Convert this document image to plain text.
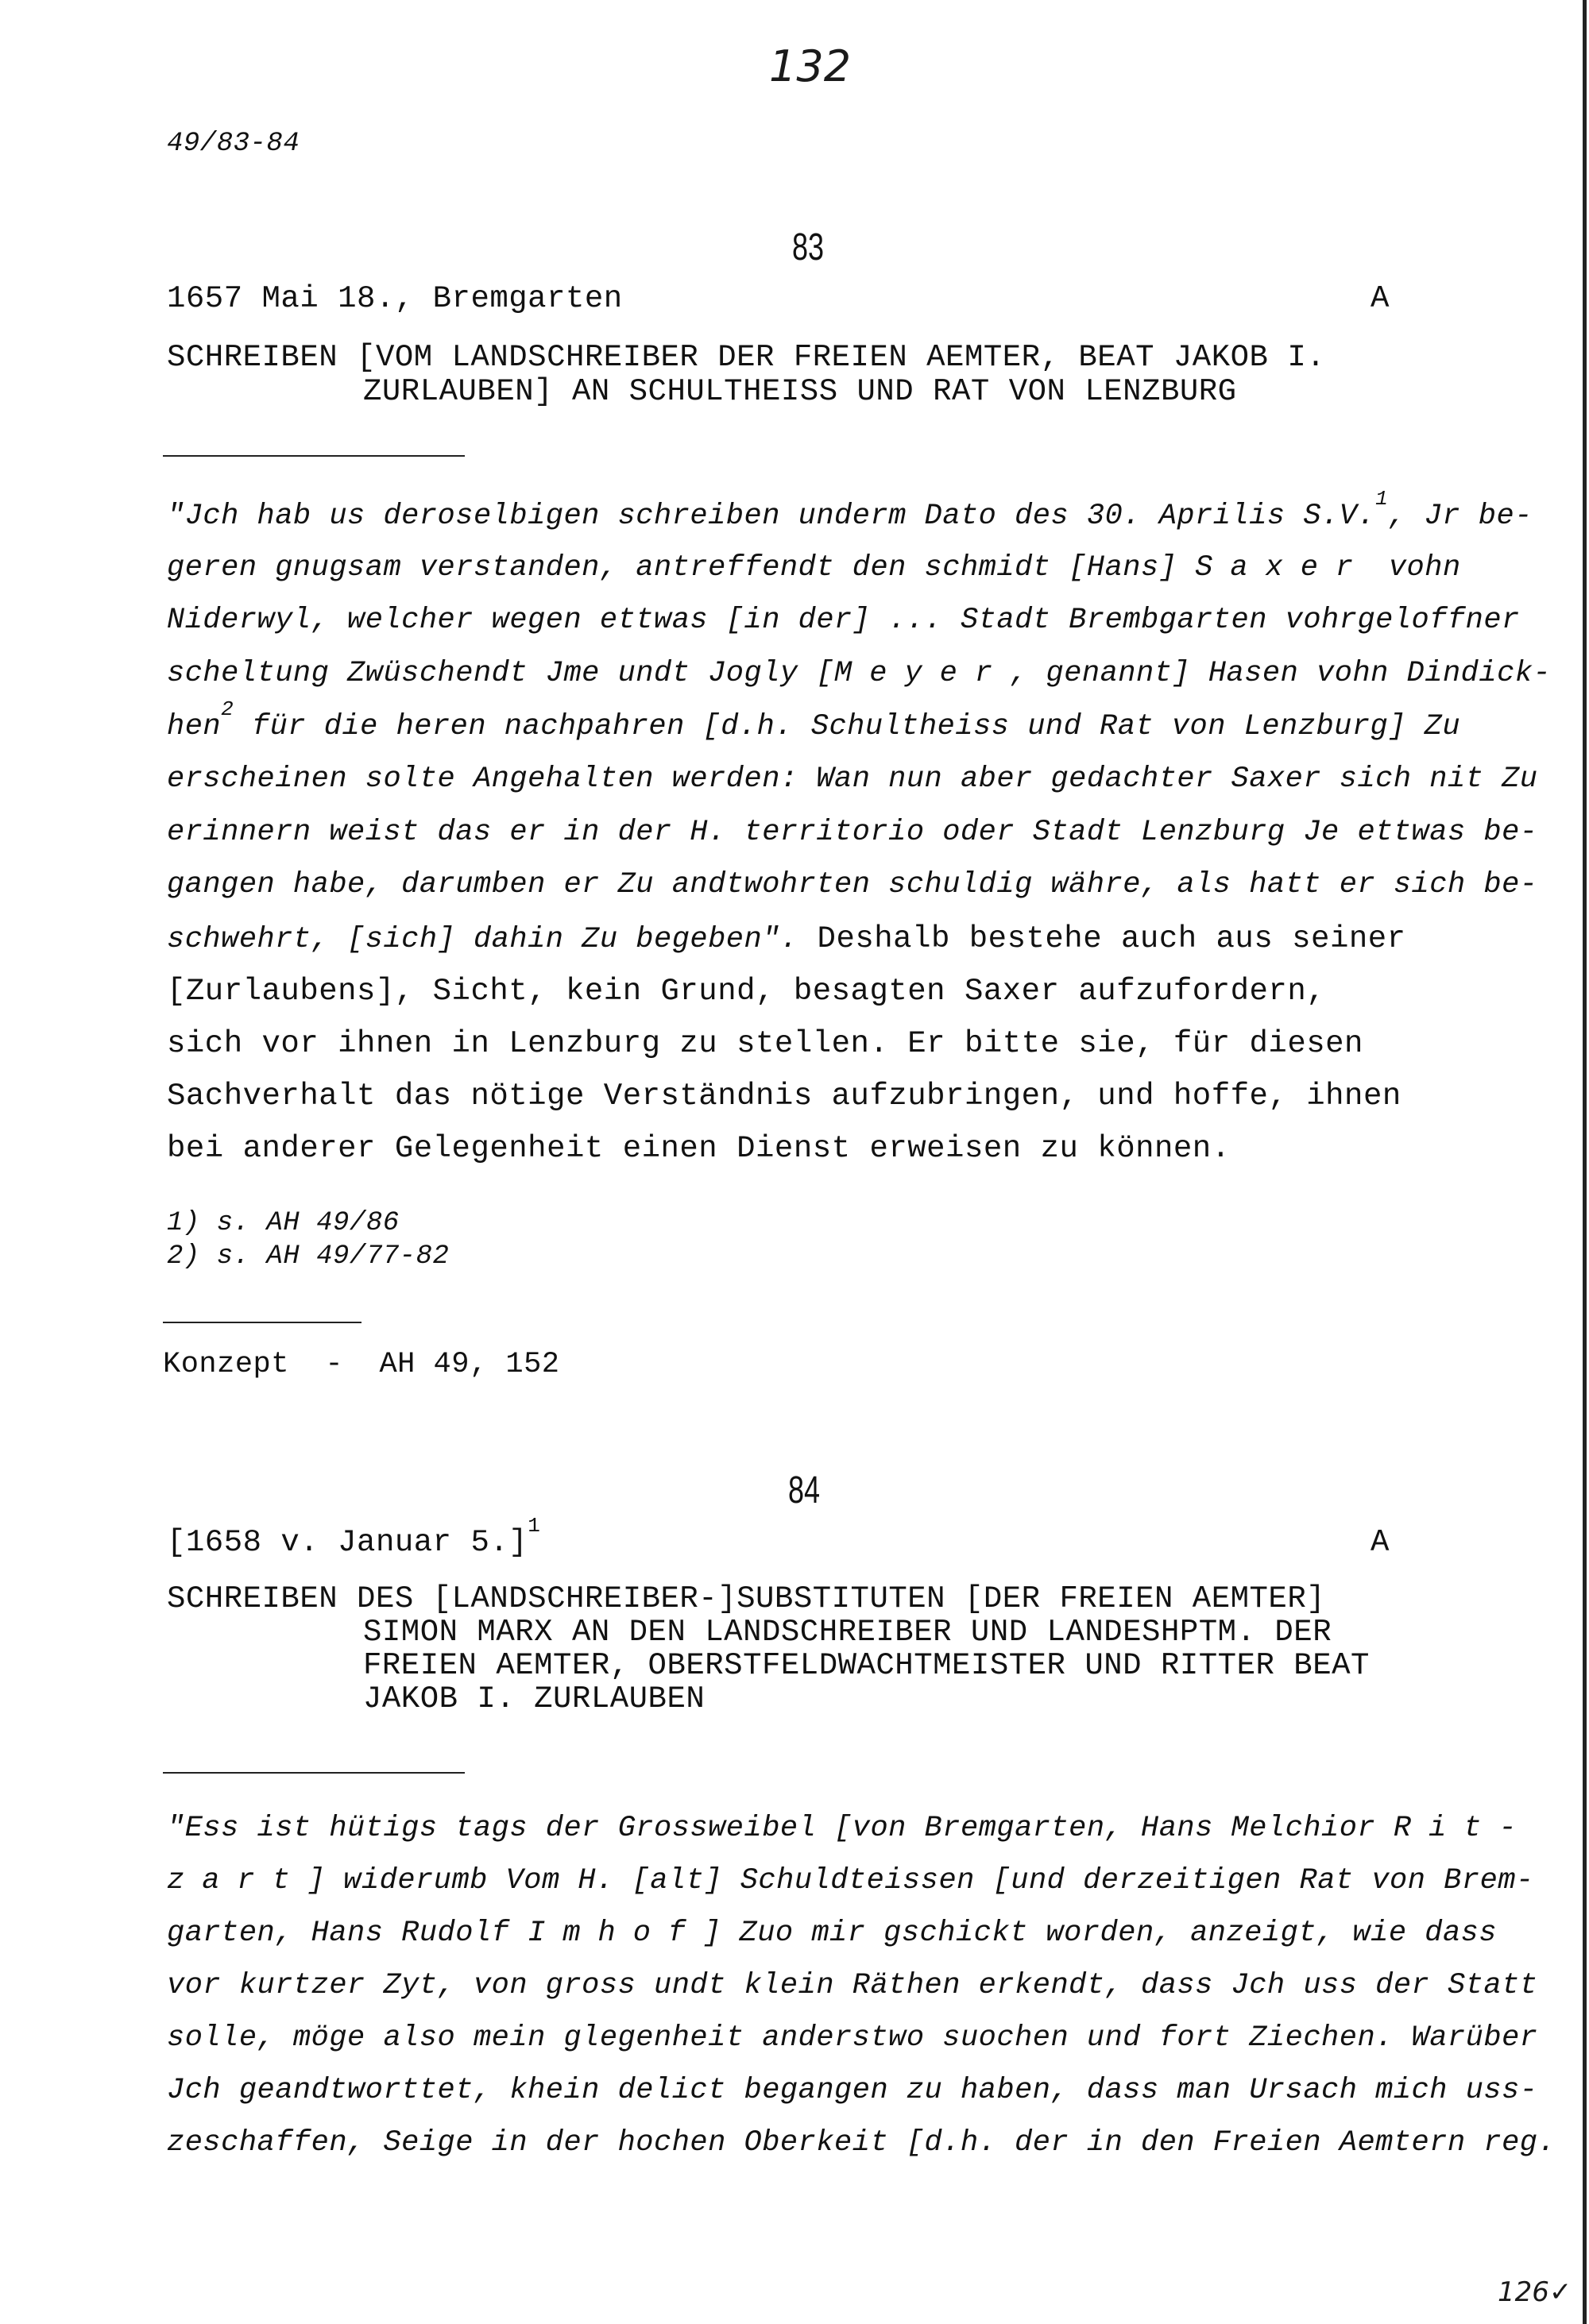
132
49/83-84
83
1657 Mai 18., Bremgarten	A
SCHREIBEN [VOM LANDSCHREIBER DER FREIEN AEMTER, BEAT JAKOB I.
ZURLAUBEN] AN SCHULTHEISS UND RAT VON LENZBURG
"Jch hab us deroselbigen schreiben underm Dato des 30. Aprilis S.V.$^1$, Jr be-
geren gnugsam verstanden, antreffendt den schmidt [Hans] Saxer vohn
Niderwyl, welcher wegen ettwas [in der] ... Stadt Brembgarten vohrgeloffner
scheltung Zwüschendt Jme undt Jogly [Meyer, genannt] Hasen vohn Dindick-
hen$^2$ für die heren nachpahren [d.h. Schultheiss und Rat von Lenzburg] Zu
erscheinen solte Angehalten werden: Wan nun aber gedachter Saxer sich nit Zu
erinnern weist das er in der H. territorio oder Stadt Lenzburg Je ettwas be-
gangen habe, darumben er Zu andtwohrten schuldig währe, als hatt er sich be-
schwehrt, [sich] dahin Zu begeben". Deshalb bestehe auch aus seiner
[Zurlaubens], Sicht, kein Grund, besagten Saxer aufzufordern,
sich vor ihnen in Lenzburg zu stellen. Er bitte sie, für diesen
Sachverhalt das nötige Verständnis aufzubringen, und hoffe, ihnen
bei anderer Gelegenheit einen Dienst erweisen zu können.
1) s. AH 49/86
2) s. AH 49/77-82
Konzept  -  AH 49, 152
84
[1658 v. Januar 5.]$^1$	A
SCHREIBEN DES [LANDSCHREIBER-]SUBSTITUTEN [DER FREIEN AEMTER]
SIMON MARX AN DEN LANDSCHREIBER UND LANDESHPTM. DER
FREIEN AEMTER, OBERSTFELDWACHTMEISTER UND RITTER BEAT
JAKOB I. ZURLAUBEN
"Ess ist hütigs tags der Grossweibel [von Bremgarten, Hans Melchior Rit-
zart] widerumb Vom H. [alt] Schuldteissen [und derzeitigen Rat von Brem-
garten, Hans Rudolf Imhof] Zuo mir gschickt worden, anzeigt, wie dass
vor kurtzer Zyt, von gross undt klein Räthen erkendt, dass Jch uss der Statt
solle, möge also mein glegenheit anderstwo suochen und fort Ziechen. Warüber
Jch geandtworttet, khein delict begangen zu haben, dass man Ursach mich uss-
zeschaffen, Seige in der hochen Oberkeit [d.h. der in den Freien Aemtern reg.
126✓
